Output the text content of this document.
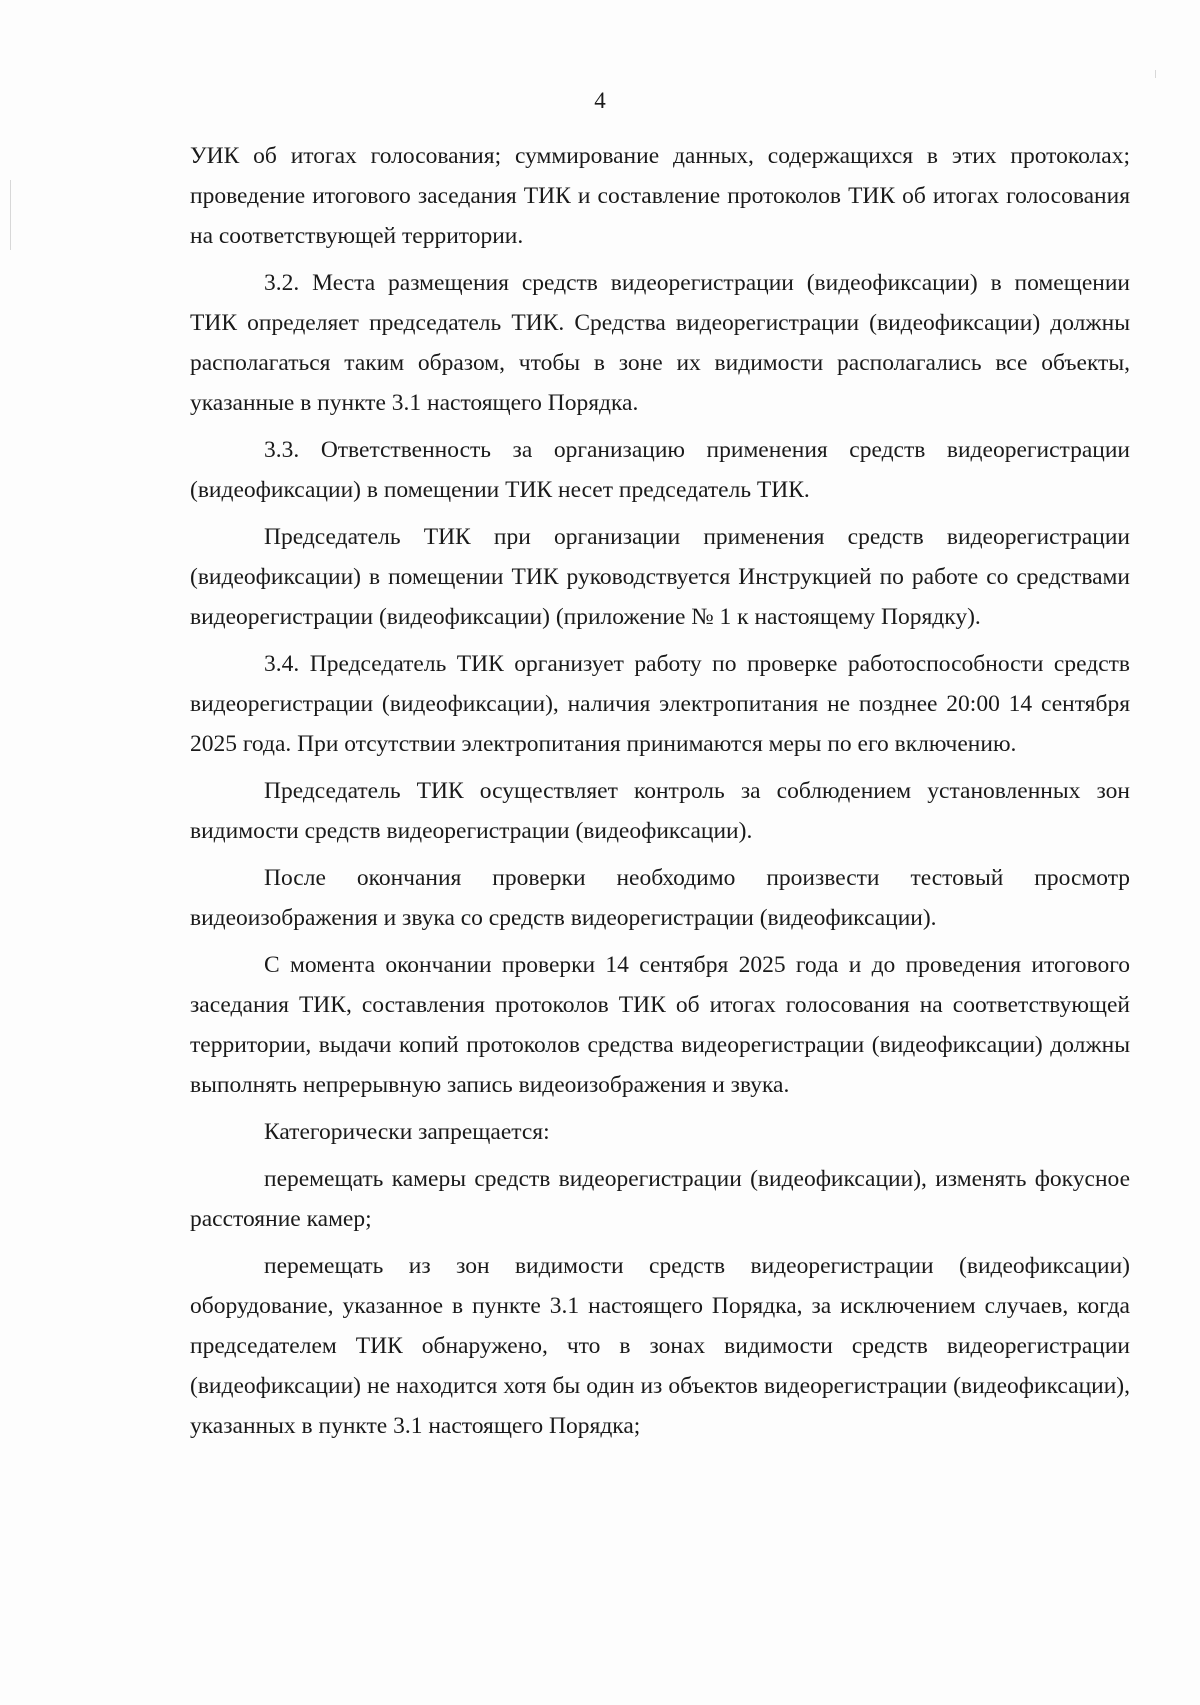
4

УИК об итогах голосования; суммирование данных, содержащихся в этих протоколах; проведение итогового заседания ТИК и составление протоколов ТИК об итогах голосования на соответствующей территории.

3.2. Места размещения средств видеорегистрации (видеофиксации) в помещении ТИК определяет председатель ТИК. Средства видеорегистрации (видеофиксации) должны располагаться таким образом, чтобы в зоне их видимости располагались все объекты, указанные в пункте 3.1 настоящего Порядка.

3.3. Ответственность за организацию применения средств видеорегистрации (видеофиксации) в помещении ТИК несет председатель ТИК.

Председатель ТИК при организации применения средств видеорегистрации (видеофиксации) в помещении ТИК руководствуется Инструкцией по работе со средствами видеорегистрации (видеофиксации) (приложение № 1 к настоящему Порядку).

3.4. Председатель ТИК организует работу по проверке работоспособности средств видеорегистрации (видеофиксации), наличия электропитания не позднее 20:00 14 сентября 2025 года. При отсутствии электропитания принимаются меры по его включению.

Председатель ТИК осуществляет контроль за соблюдением установленных зон видимости средств видеорегистрации (видеофиксации).

После окончания проверки необходимо произвести тестовый просмотр видеоизображения и звука со средств видеорегистрации (видеофиксации).

С момента окончании проверки 14 сентября 2025 года и до проведения итогового заседания ТИК, составления протоколов ТИК об итогах голосования на соответствующей территории, выдачи копий протоколов средства видеорегистрации (видеофиксации) должны выполнять непрерывную запись видеоизображения и звука.

Категорически запрещается:

перемещать камеры средств видеорегистрации (видеофиксации), изменять фокусное расстояние камер;

перемещать из зон видимости средств видеорегистрации (видеофиксации) оборудование, указанное в пункте 3.1 настоящего Порядка, за исключением случаев, когда председателем ТИК обнаружено, что в зонах видимости средств видеорегистрации (видеофиксации) не находится хотя бы один из объектов видеорегистрации (видеофиксации), указанных в пункте 3.1 настоящего Порядка;
